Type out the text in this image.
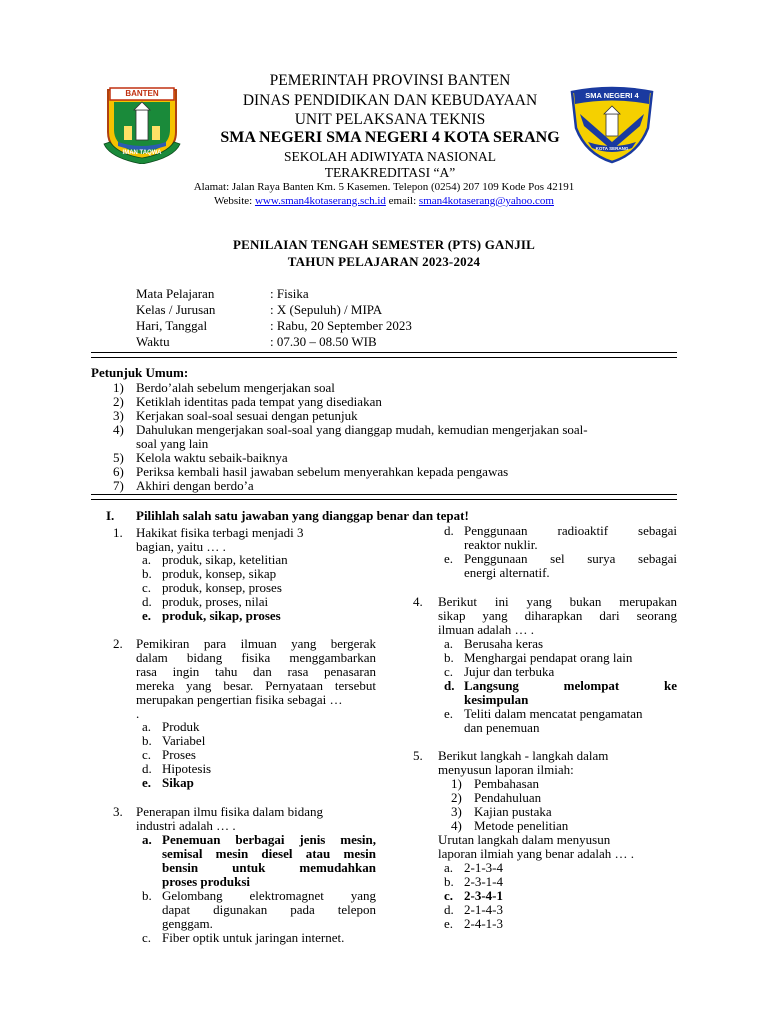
BANTEN
IMAN TAQWA
SMA NEGERI 4
KOTA SERANG
PEMERINTAH PROVINSI BANTEN
DINAS PENDIDIKAN DAN KEBUDAYAAN
UNIT PELAKSANA TEKNIS
SMA NEGERI SMA NEGERI 4 KOTA SERANG
SEKOLAH ADIWIYATA NASIONAL
TERAKREDITASI “A”
Alamat: Jalan Raya Banten Km. 5 Kasemen. Telepon (0254) 207 109 Kode Pos 42191
Website: www.sman4kotaserang.sch.id email: sman4kotaserang@yahoo.com
PENILAIAN TENGAH SEMESTER (PTS) GANJIL
TAHUN PELAJARAN 2023-2024
Mata Pelajaran	: Fisika
Kelas / Jurusan	: X (Sepuluh) / MIPA
Hari, Tanggal	: Rabu, 20 September 2023
Waktu	: 07.30 – 08.50 WIB
Petunjuk Umum:
1) Berdo’alah sebelum mengerjakan soal
2) Ketiklah identitas pada tempat yang disediakan
3) Kerjakan soal-soal sesuai dengan petunjuk
4) Dahulukan mengerjakan soal-soal yang dianggap mudah, kemudian mengerjakan soal-
soal yang lain
5) Kelola waktu sebaik-baiknya
6) Periksa kembali hasil jawaban sebelum menyerahkan kepada pengawas
7) Akhiri dengan berdo’a
I. Pilihlah salah satu jawaban yang dianggap benar dan tepat!
1. Hakikat fisika terbagi menjadi 3
bagian, yaitu … .
a. produk, sikap, ketelitian
b. produk, konsep, sikap
c. produk, konsep, proses
d. produk, proses, nilai
e. produk, sikap, proses
2. Pemikiran para ilmuan yang bergerak
dalam bidang fisika menggambarkan
rasa ingin tahu dan rasa penasaran
mereka yang besar. Pernyataan tersebut
merupakan pengertian fisika sebagai …
.
a. Produk
b. Variabel
c. Proses
d. Hipotesis
e. Sikap
3. Penerapan ilmu fisika dalam bidang
industri adalah … .
a. Penemuan berbagai jenis mesin,
semisal mesin diesel atau mesin
bensin untuk memudahkan
proses produksi
b. Gelombang elektromagnet yang
dapat digunakan pada telepon
genggam.
c. Fiber optik untuk jaringan internet.
d. Penggunaan radioaktif sebagai
reaktor nuklir.
e. Penggunaan sel surya sebagai
energi alternatif.
4. Berikut ini yang bukan merupakan
sikap yang diharapkan dari seorang
ilmuan adalah … .
a. Berusaha keras
b. Menghargai pendapat orang lain
c. Jujur dan terbuka
d. Langsung melompat ke
kesimpulan
e. Teliti dalam mencatat pengamatan
dan penemuan
5. Berikut langkah - langkah dalam
menyusun laporan ilmiah:
1) Pembahasan
2) Pendahuluan
3) Kajian pustaka
4) Metode penelitian
Urutan langkah dalam menyusun
laporan ilmiah yang benar adalah … .
a. 2-1-3-4
b. 2-3-1-4
c. 2-3-4-1
d. 2-1-4-3
e. 2-4-1-3
